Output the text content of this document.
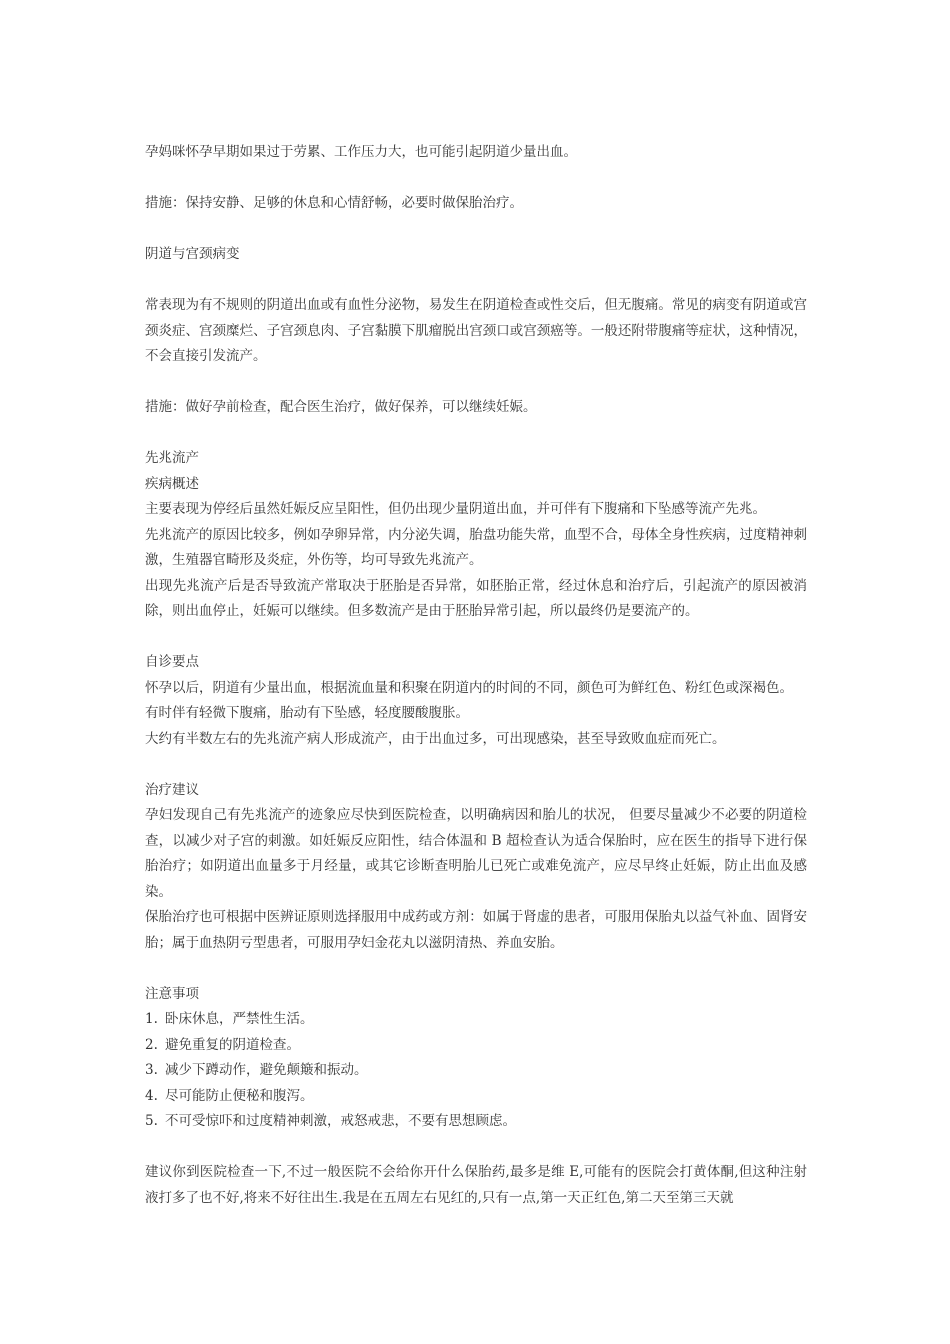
孕妈咪怀孕早期如果过于劳累、工作压力大，也可能引起阴道少量出血。

措施：保持安静、足够的休息和心情舒畅，必要时做保胎治疗。

阴道与宫颈病变

常表现为有不规则的阴道出血或有血性分泌物，易发生在阴道检查或性交后，但无腹痛。常见的病变有阴道或宫颈炎症、宫颈糜烂、子宫颈息肉、子宫黏膜下肌瘤脱出宫颈口或宫颈癌等。一般还附带腹痛等症状，这种情况，不会直接引发流产。

措施：做好孕前检查，配合医生治疗，做好保养，可以继续妊娠。

先兆流产

疾病概述

主要表现为停经后虽然妊娠反应呈阳性，但仍出现少量阴道出血，并可伴有下腹痛和下坠感等流产先兆。

先兆流产的原因比较多，例如孕卵异常，内分泌失调，胎盘功能失常，血型不合，母体全身性疾病，过度精神刺激，生殖器官畸形及炎症，外伤等，均可导致先兆流产。

出现先兆流产后是否导致流产常取决于胚胎是否异常，如胚胎正常，经过休息和治疗后，引起流产的原因被消除，则出血停止，妊娠可以继续。但多数流产是由于胚胎异常引起，所以最终仍是要流产的。

自诊要点

怀孕以后，阴道有少量出血，根据流血量和积聚在阴道内的时间的不同，颜色可为鲜红色、粉红色或深褐色。

有时伴有轻微下腹痛，胎动有下坠感，轻度腰酸腹胀。

大约有半数左右的先兆流产病人形成流产，由于出血过多，可出现感染，甚至导致败血症而死亡。

治疗建议

孕妇发现自己有先兆流产的迹象应尽快到医院检查，以明确病因和胎儿的状况， 但要尽量减少不必要的阴道检查，以减少对子宫的刺激。如妊娠反应阳性，结合体温和 B 超检查认为适合保胎时，应在医生的指导下进行保胎治疗；如阴道出血量多于月经量，或其它诊断查明胎儿已死亡或难免流产，应尽早终止妊娠，防止出血及感染。

保胎治疗也可根据中医辨证原则选择服用中成药或方剂：如属于肾虚的患者，可服用保胎丸以益气补血、固肾安胎；属于血热阴亏型患者，可服用孕妇金花丸以滋阴清热、养血安胎。

注意事项

1. 卧床休息，严禁性生活。

2. 避免重复的阴道检查。

3. 减少下蹲动作，避免颠簸和振动。

4. 尽可能防止便秘和腹泻。

5. 不可受惊吓和过度精神刺激，戒怒戒悲，不要有思想顾虑。

建议你到医院检查一下,不过一般医院不会给你开什么保胎药,最多是维 E,可能有的医院会打黄体酮,但这种注射液打多了也不好,将来不好往出生.我是在五周左右见红的,只有一点,第一天正红色,第二天至第三天就
